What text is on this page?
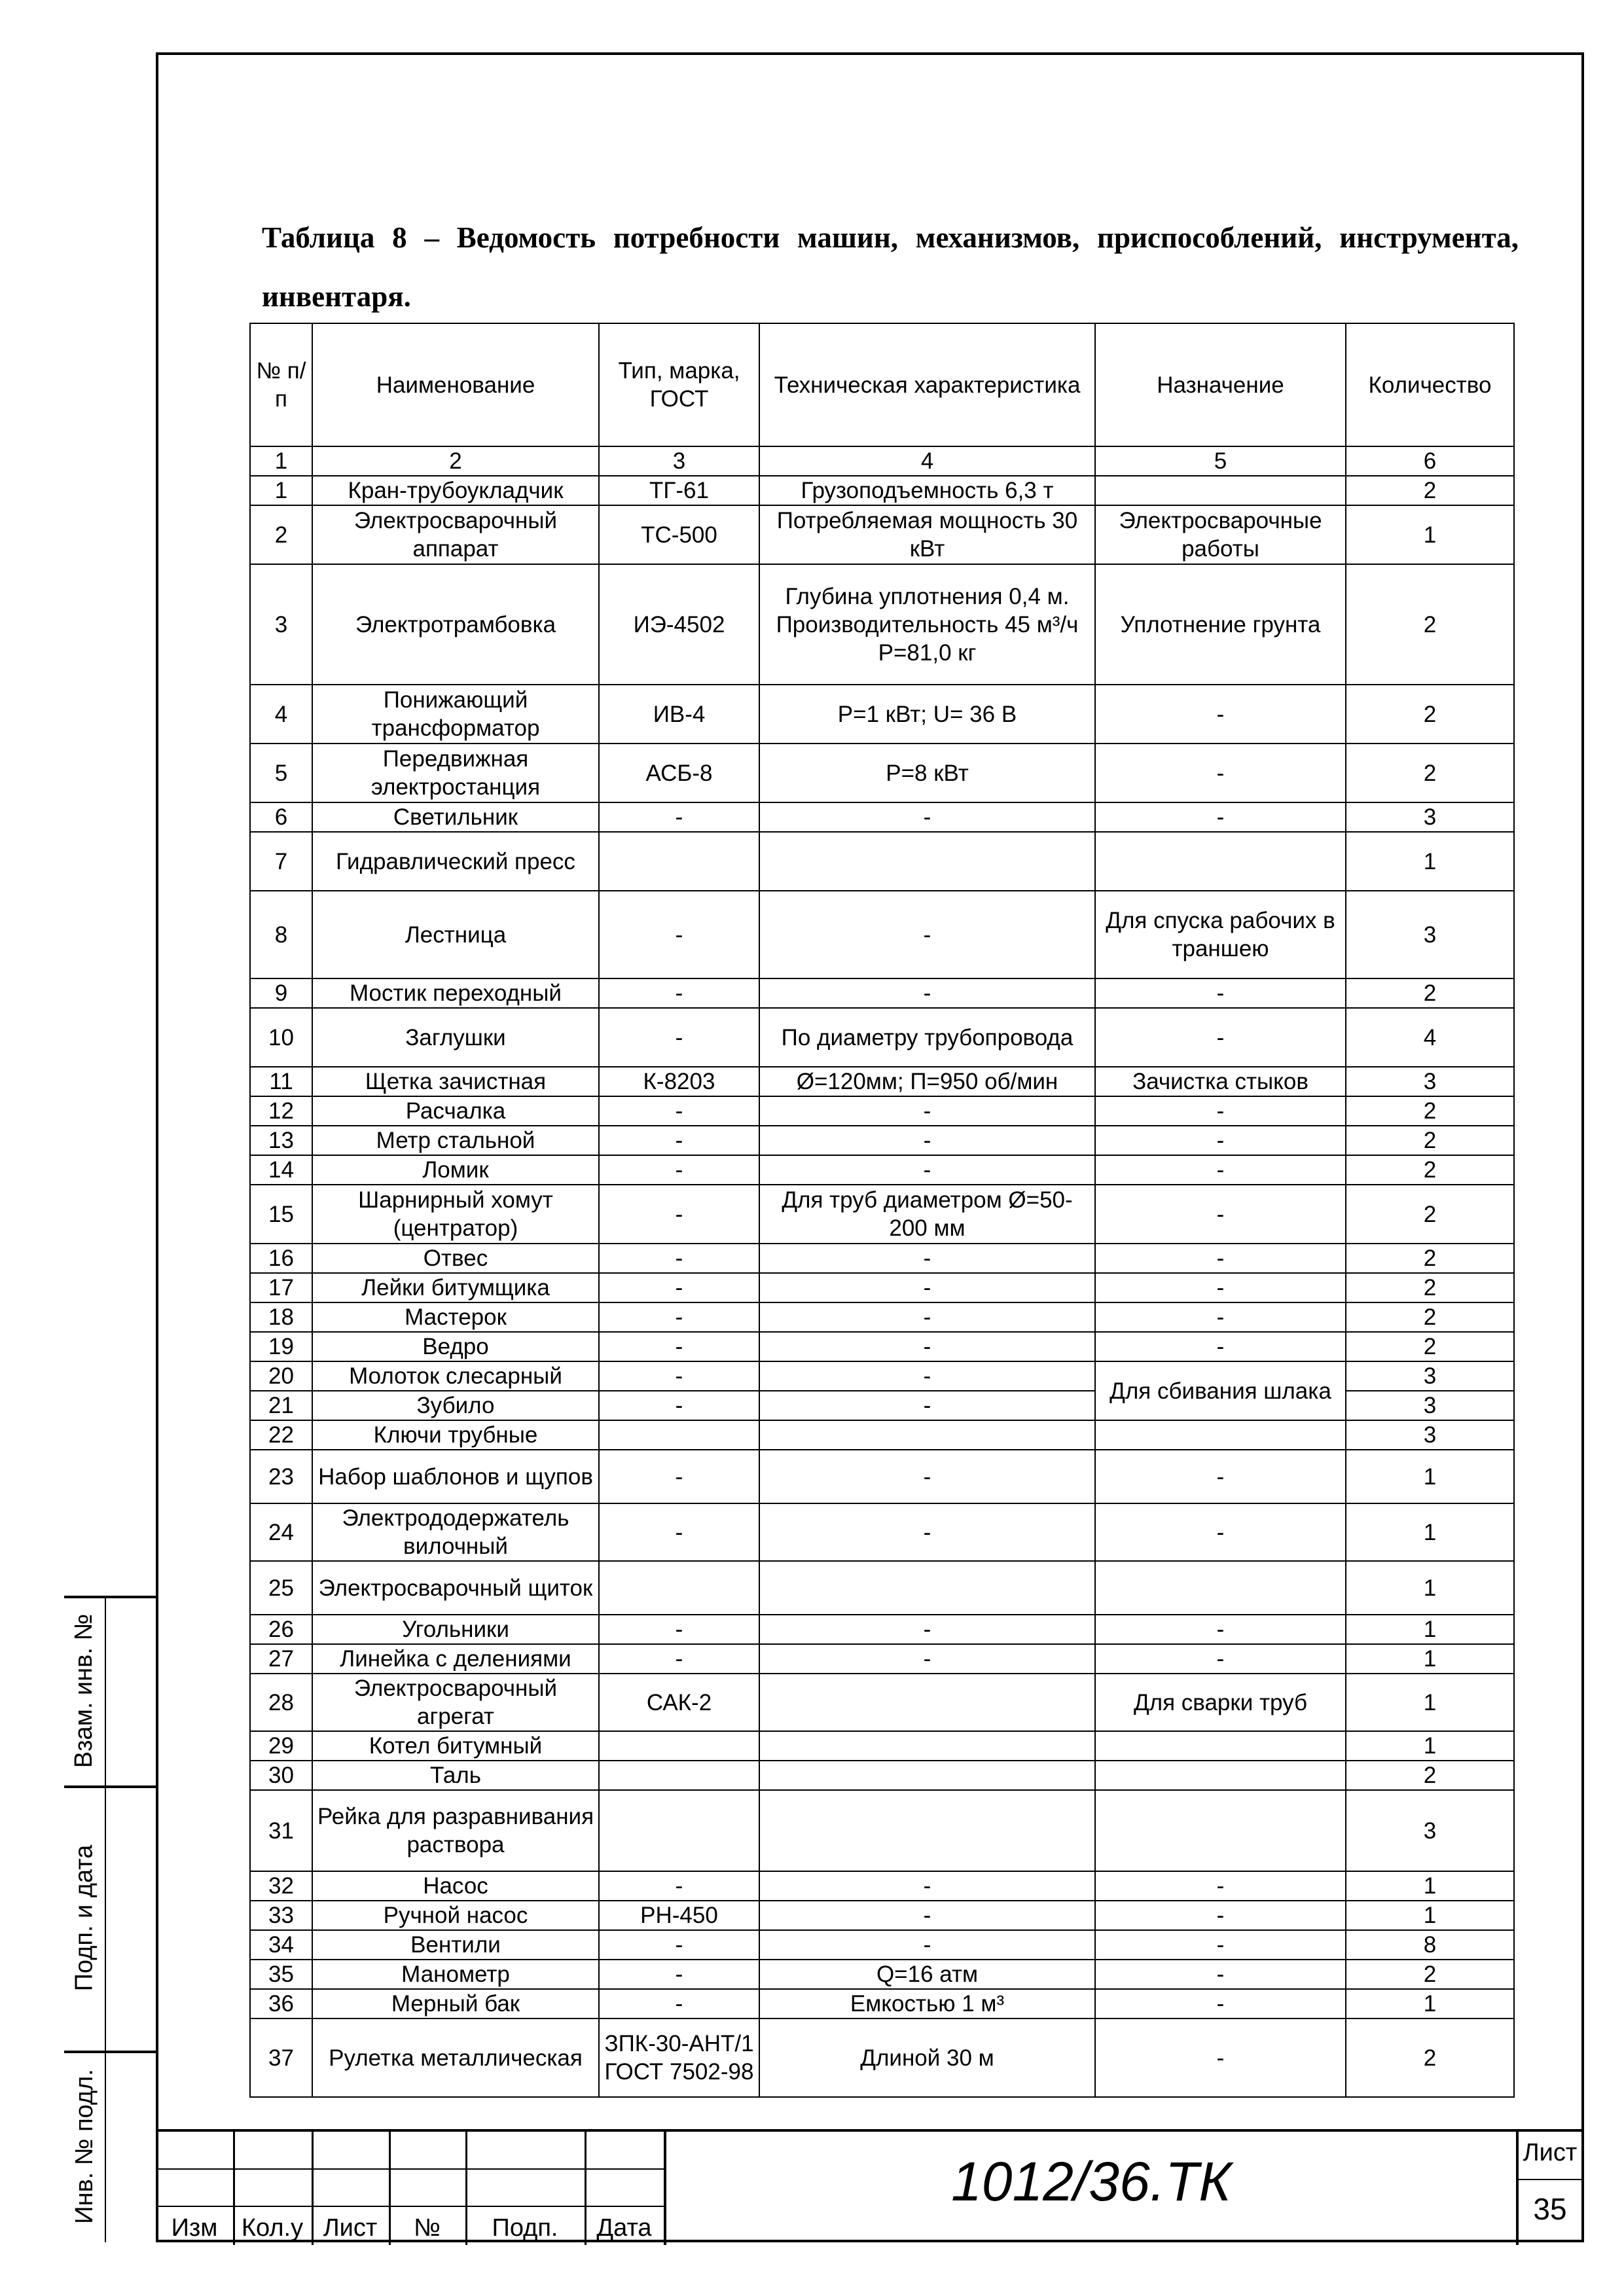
Таблица 8 – Ведомость потребности машин, механизмов, приспособлений, инструмента, инвентаря.
№ п/ п	Наименование	Тип, марка, ГОСТ	Техническая характеристика	Назначение	Количество
1	2	3	4	5	6
1	Кран-трубоукладчик	ТГ-61	Грузоподъемность 6,3 т		2
2	Электросварочный аппарат	ТС-500	Потребляемая мощность 30 кВт	Электросварочные работы	1
3	Электротрамбовка	ИЭ-4502	Глубина уплотнения 0,4 м. Производительность 45 м³/ч P=81,0 кг	Уплотнение грунта	2
4	Понижающий трансформатор	ИВ-4	P=1 кВт; U= 36 В	-	2
5	Передвижная электростанция	АСБ-8	P=8 кВт	-	2
6	Светильник	-	-	-	3
7	Гидравлический пресс				1
8	Лестница	-	-	Для спуска рабочих в траншею	3
9	Мостик переходный	-	-	-	2
10	Заглушки	-	По диаметру трубопровода	-	4
11	Щетка зачистная	К-8203	Ø=120мм; П=950 об/мин	Зачистка стыков	3
12	Расчалка	-	-	-	2
13	Метр стальной	-	-	-	2
14	Ломик	-	-	-	2
15	Шарнирный хомут (центратор)	-	Для труб диаметром Ø=50-200 мм	-	2
16	Отвес	-	-	-	2
17	Лейки битумщика	-	-	-	2
18	Мастерок	-	-	-	2
19	Ведро	-	-	-	2
20	Молоток слесарный	-	-	Для сбивания шлака	3
21	Зубило	-	-		3
22	Ключи трубные				3
23	Набор шаблонов и щупов	-	-	-	1
24	Электрододержатель вилочный	-	-	-	1
25	Электросварочный щиток				1
26	Угольники	-	-	-	1
27	Линейка с делениями	-	-	-	1
28	Электросварочный агрегат	САК-2		Для сварки труб	1
29	Котел битумный				1
30	Таль				2
31	Рейка для разравнивания раствора				3
32	Насос	-	-	-	1
33	Ручной насос	РН-450	-	-	1
34	Вентили	-	-	-	8
35	Манометр	-	Q=16 атм	-	2
36	Мерный бак	-	Емкостью 1 м³	-	1
37	Рулетка металлическая	ЗПК-30-АНТ/1 ГОСТ 7502-98	Длиной 30 м	-	2
Взам. инв. №
Подп. и дата
Инв. № подл.
Изм Кол.у Лист	№	Подп.	Дата
1012/36.ТК	Лист
35
